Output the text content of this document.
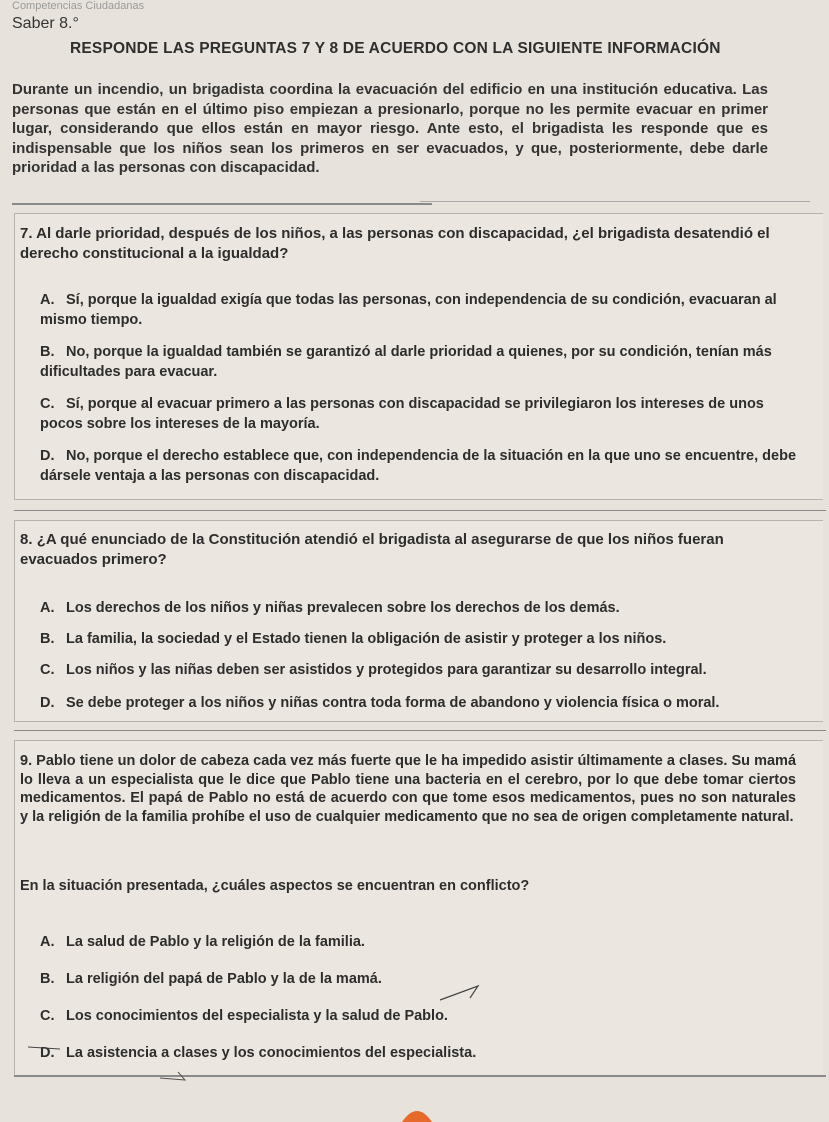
Competencias Ciudadanas
Saber 8.°
RESPONDE LAS PREGUNTAS 7 Y 8 DE ACUERDO CON LA SIGUIENTE INFORMACIÓN
Durante un incendio, un brigadista coordina la evacuación del edificio en una institución educativa. Las personas que están en el último piso empiezan a presionarlo, porque no les permite evacuar en primer lugar, considerando que ellos están en mayor riesgo. Ante esto, el brigadista les responde que es indispensable que los niños sean los primeros en ser evacuados, y que, posteriormente, debe darle prioridad a las personas con discapacidad.
7. Al darle prioridad, después de los niños, a las personas con discapacidad, ¿el brigadista desatendió el derecho constitucional a la igualdad?
A. Sí, porque la igualdad exigía que todas las personas, con independencia de su condición, evacuaran al mismo tiempo.
B. No, porque la igualdad también se garantizó al darle prioridad a quienes, por su condición, tenían más dificultades para evacuar.
C. Sí, porque al evacuar primero a las personas con discapacidad se privilegiaron los intereses de unos pocos sobre los intereses de la mayoría.
D. No, porque el derecho establece que, con independencia de la situación en la que uno se encuentre, debe dársele ventaja a las personas con discapacidad.
8. ¿A qué enunciado de la Constitución atendió el brigadista al asegurarse de que los niños fueran evacuados primero?
A. Los derechos de los niños y niñas prevalecen sobre los derechos de los demás.
B. La familia, la sociedad y el Estado tienen la obligación de asistir y proteger a los niños.
C. Los niños y las niñas deben ser asistidos y protegidos para garantizar su desarrollo integral.
D. Se debe proteger a los niños y niñas contra toda forma de abandono y violencia física o moral.
9. Pablo tiene un dolor de cabeza cada vez más fuerte que le ha impedido asistir últimamente a clases. Su mamá lo lleva a un especialista que le dice que Pablo tiene una bacteria en el cerebro, por lo que debe tomar ciertos medicamentos. El papá de Pablo no está de acuerdo con que tome esos medicamentos, pues no son naturales y la religión de la familia prohíbe el uso de cualquier medicamento que no sea de origen completamente natural.
En la situación presentada, ¿cuáles aspectos se encuentran en conflicto?
A. La salud de Pablo y la religión de la familia.
B. La religión del papá de Pablo y la de la mamá.
C. Los conocimientos del especialista y la salud de Pablo.
D. La asistencia a clases y los conocimientos del especialista.
